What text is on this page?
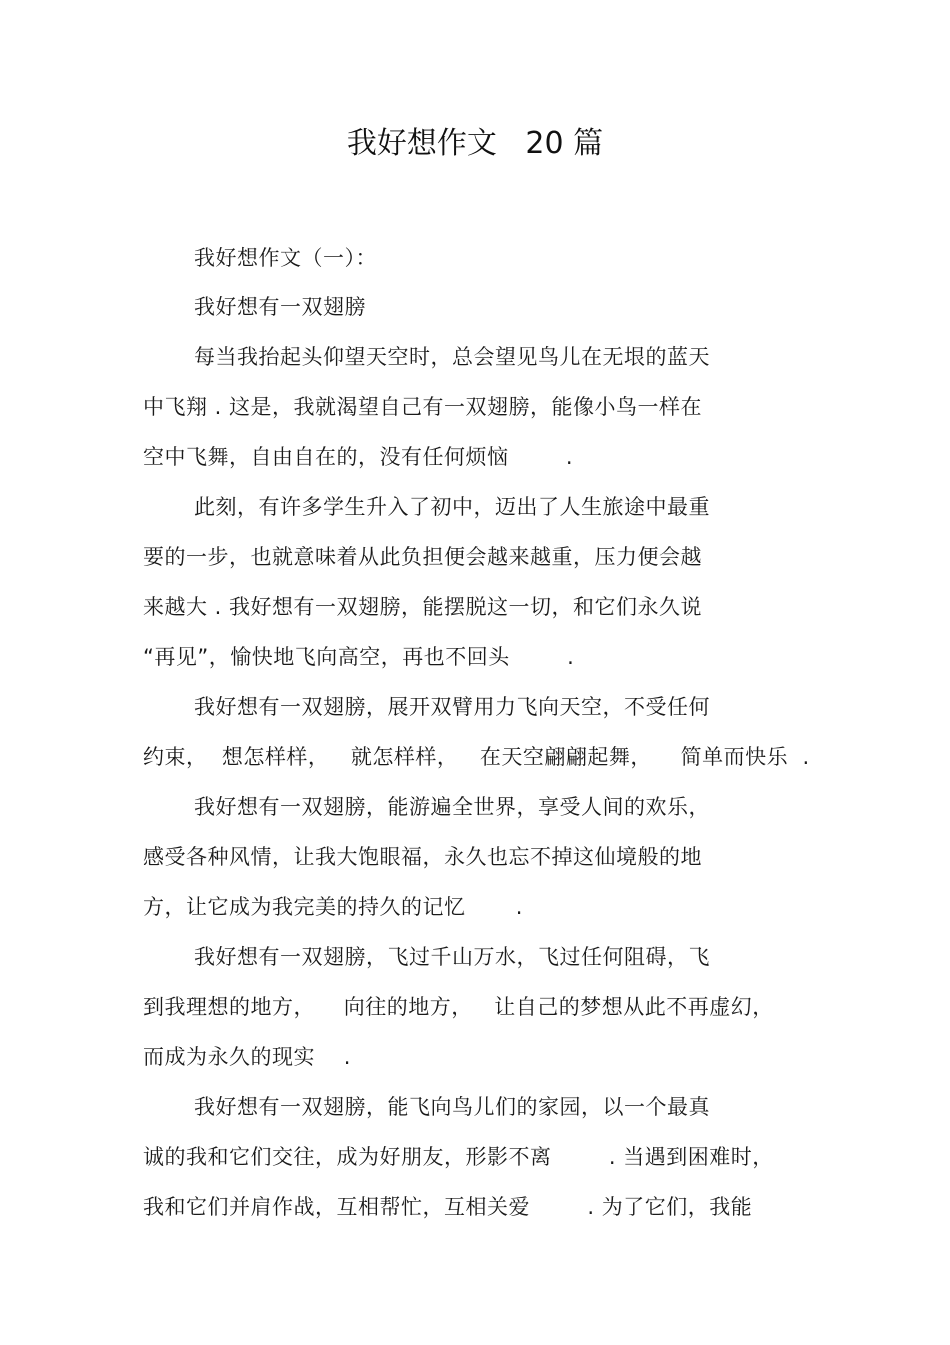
我好想作文   20 篇
我好想作文（一）：
我好想有一双翅膀
每当我抬起头仰望天空时，总会望见鸟儿在无垠的蓝天
中飞翔 . 这是，我就渴望自己有一双翅膀，能像小鸟一样在
空中飞舞，自由自在的，没有任何烦恼        .
此刻，有许多学生升入了初中，迈出了人生旅途中最重
要的一步，也就意味着从此负担便会越来越重，压力便会越
来越大 . 我好想有一双翅膀，能摆脱这一切，和它们永久说
“再见”，愉快地飞向高空，再也不回头        .
我好想有一双翅膀，展开双臂用力飞向天空，不受任何
约束，  想怎样样，   就怎样样，   在天空翩翩起舞，    简单而快乐  .
我好想有一双翅膀，能游遍全世界，享受人间的欢乐，
感受各种风情，让我大饱眼福，永久也忘不掉这仙境般的地
方，让它成为我完美的持久的记忆       .
我好想有一双翅膀，飞过千山万水，飞过任何阻碍，飞
到我理想的地方，    向往的地方，   让自己的梦想从此不再虚幻，
而成为永久的现实    .
我好想有一双翅膀，能飞向鸟儿们的家园，以一个最真
诚的我和它们交往，成为好朋友，形影不离        . 当遇到困难时，
我和它们并肩作战，互相帮忙，互相关爱        . 为了它们，我能
